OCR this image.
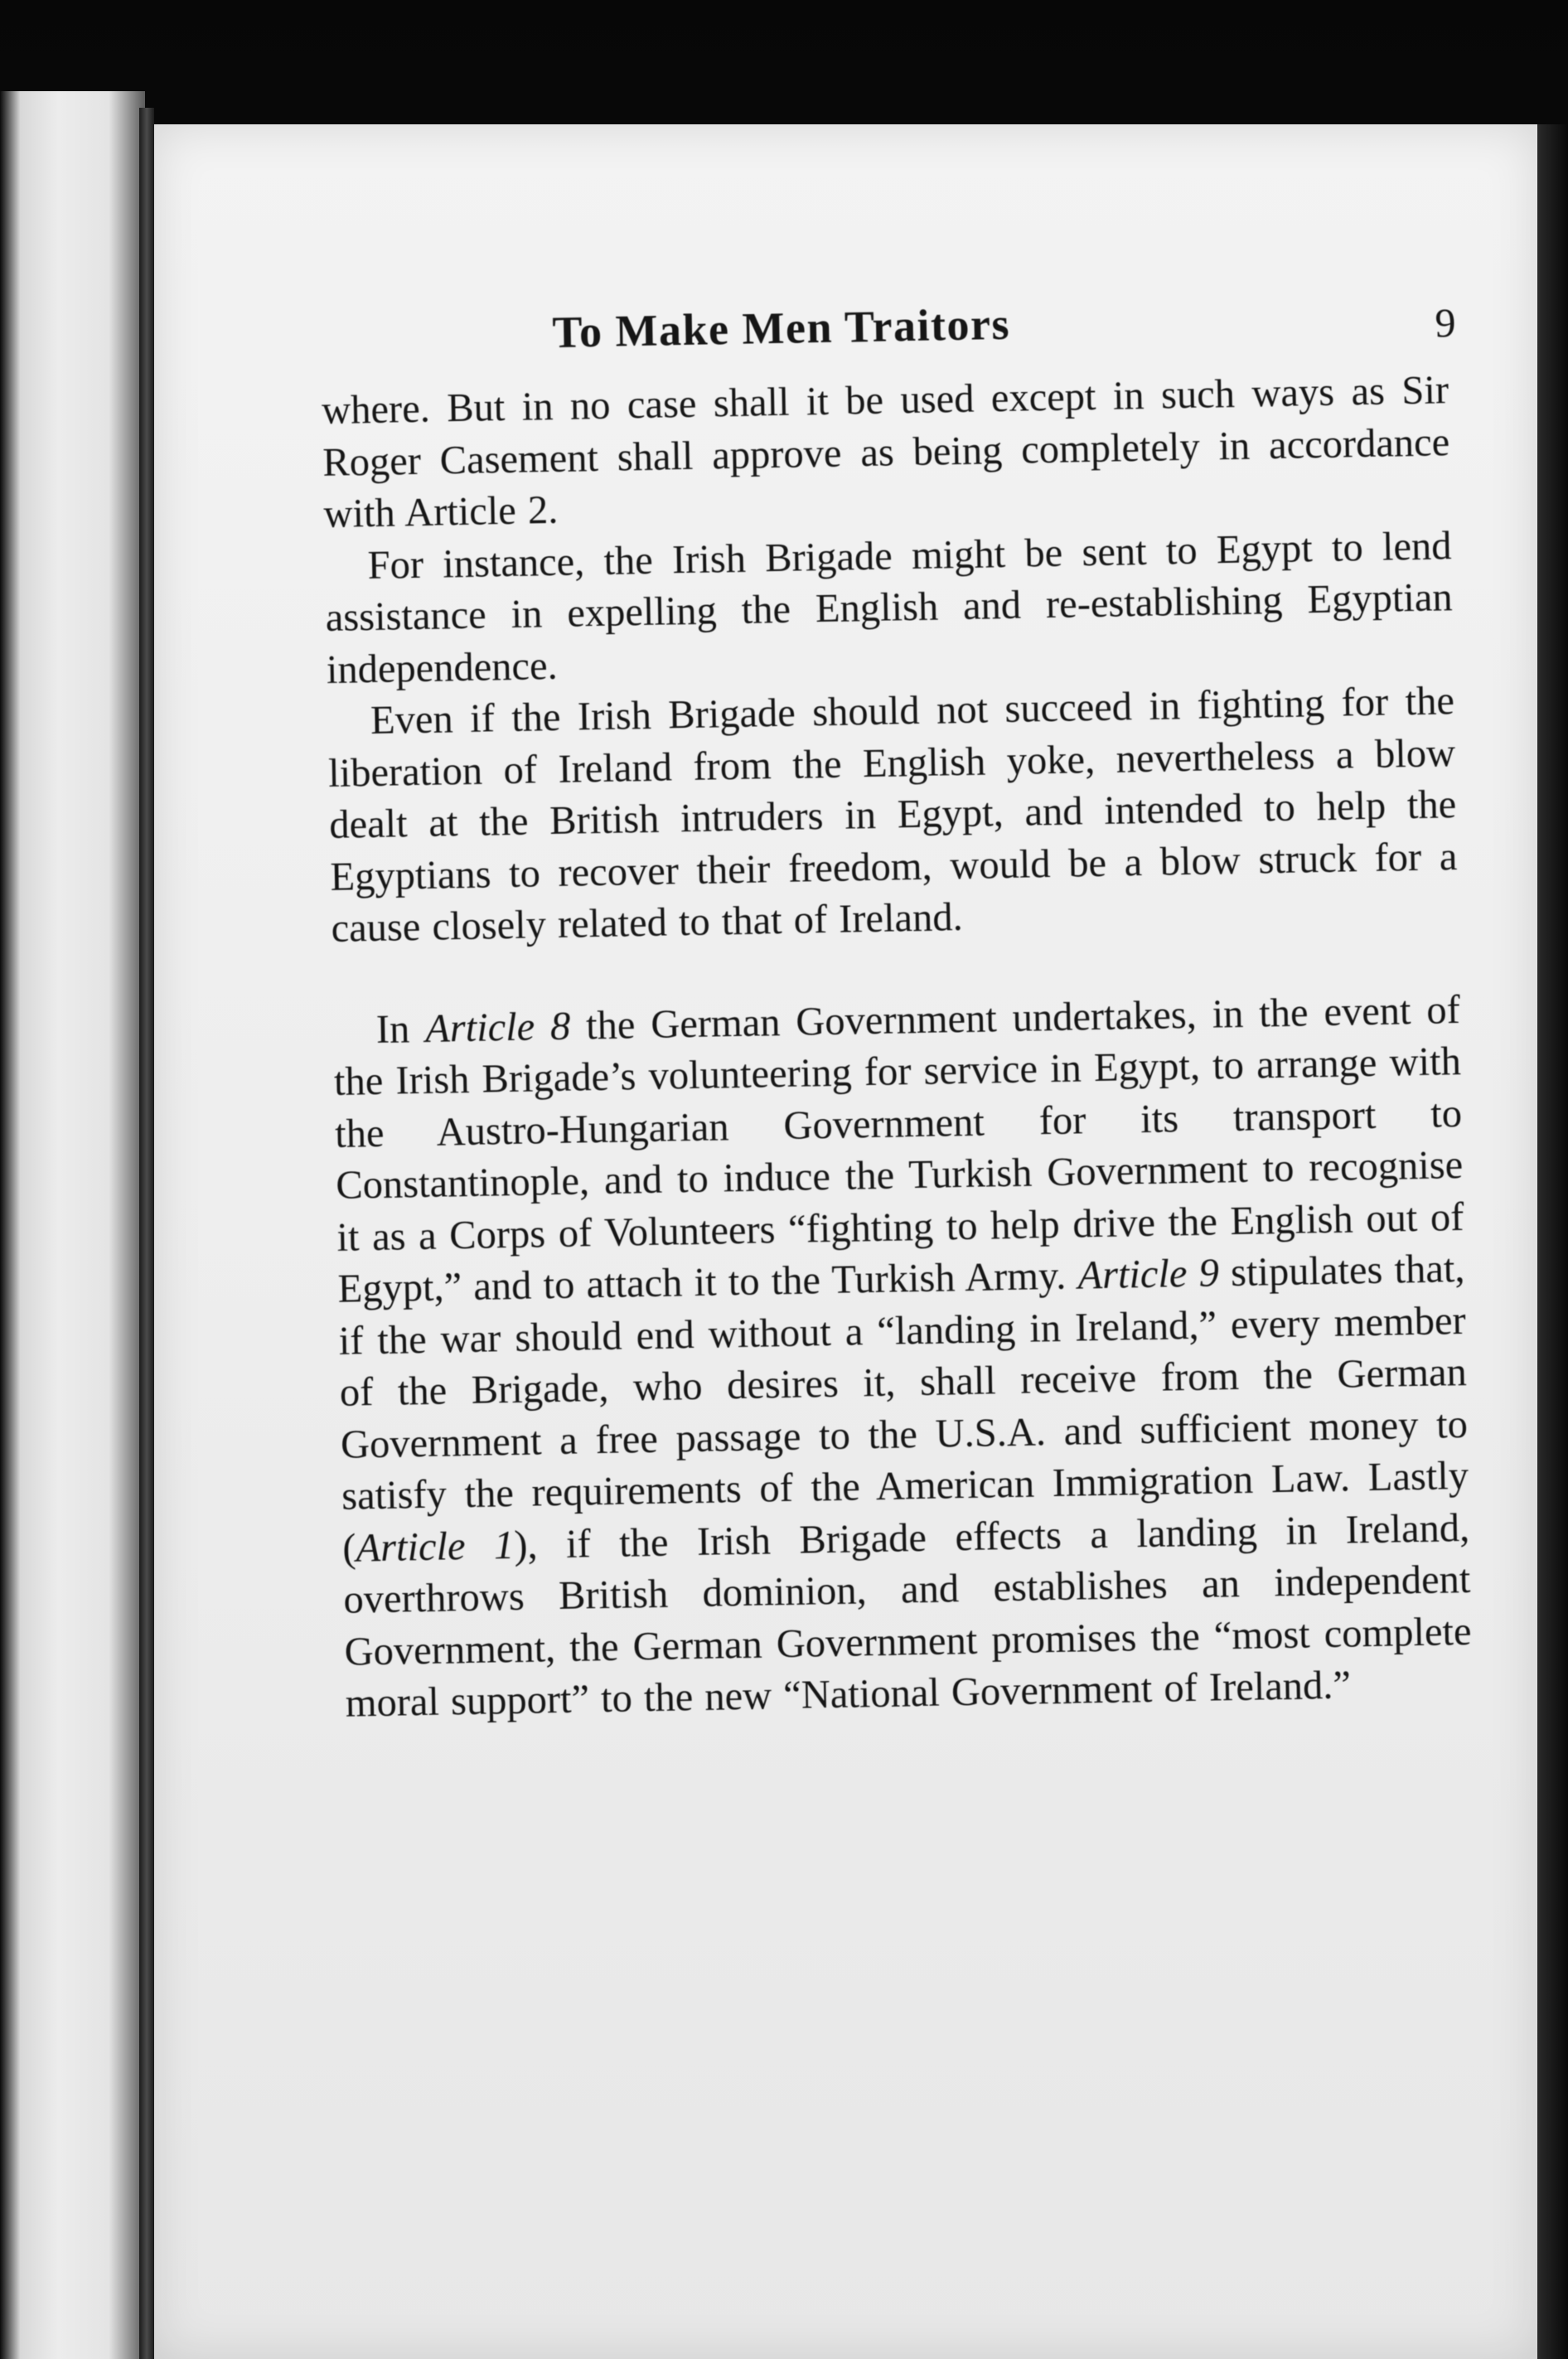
To Make Men Traitors	9

where. But in no case shall it be used except in such ways as Sir Roger Casement shall approve as being completely in accordance with Article 2.

For instance, the Irish Brigade might be sent to Egypt to lend assistance in expelling the English and re-establishing Egyptian independence.

Even if the Irish Brigade should not succeed in fighting for the liberation of Ireland from the English yoke, nevertheless a blow dealt at the British intruders in Egypt, and intended to help the Egyptians to recover their freedom, would be a blow struck for a cause closely related to that of Ireland.

In Article 8 the German Government undertakes, in the event of the Irish Brigade’s volunteering for service in Egypt, to arrange with the Austro-Hungarian Government for its transport to Constantinople, and to induce the Turkish Government to recognise it as a Corps of Volunteers “fighting to help drive the English out of Egypt,” and to attach it to the Turkish Army. Article 9 stipulates that, if the war should end without a “landing in Ireland,” every member of the Brigade, who desires it, shall receive from the German Government a free passage to the U.S.A. and sufficient money to satisfy the requirements of the American Immigration Law. Lastly (Article 1), if the Irish Brigade effects a landing in Ireland, overthrows British dominion, and establishes an independent Government, the German Government promises the “most complete moral support” to the new “National Government of Ireland.”
